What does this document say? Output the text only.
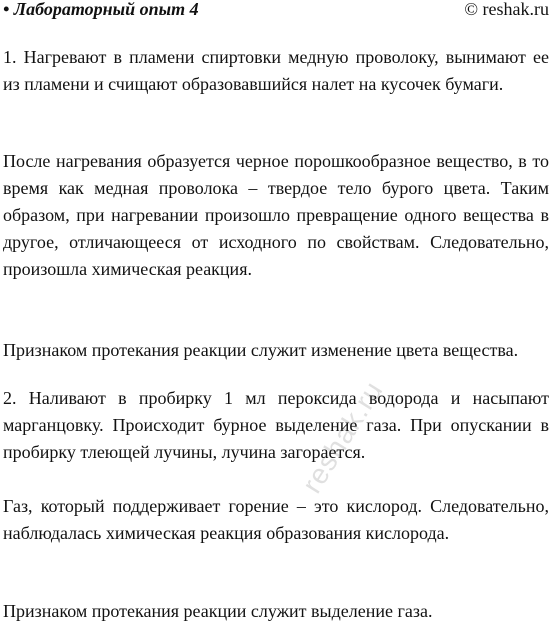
• Лабораторный опыт 4	© reshak.ru

1. Нагревают в пламени спиртовки медную проволоку, вынимают ее из пламени и счищают образовавшийся налет на кусочек бумаги.

После нагревания образуется черное порошкообразное вещество, в то время как медная проволока – твердое тело бурого цвета. Таким образом, при нагревании произошло превращение одного вещества в другое, отличающееся от исходного по свойствам. Следовательно, произошла химическая реакция.

Признаком протекания реакции служит изменение цвета вещества.

2. Наливают в пробирку 1 мл пероксида водорода и насыпают марганцовку. Происходит бурное выделение газа. При опускании в пробирку тлеющей лучины, лучина загорается.

Газ, который поддерживает горение – это кислород. Следовательно, наблюдалась химическая реакция образования кислорода.

Признаком протекания реакции служит выделение газа.

reshak.ru
